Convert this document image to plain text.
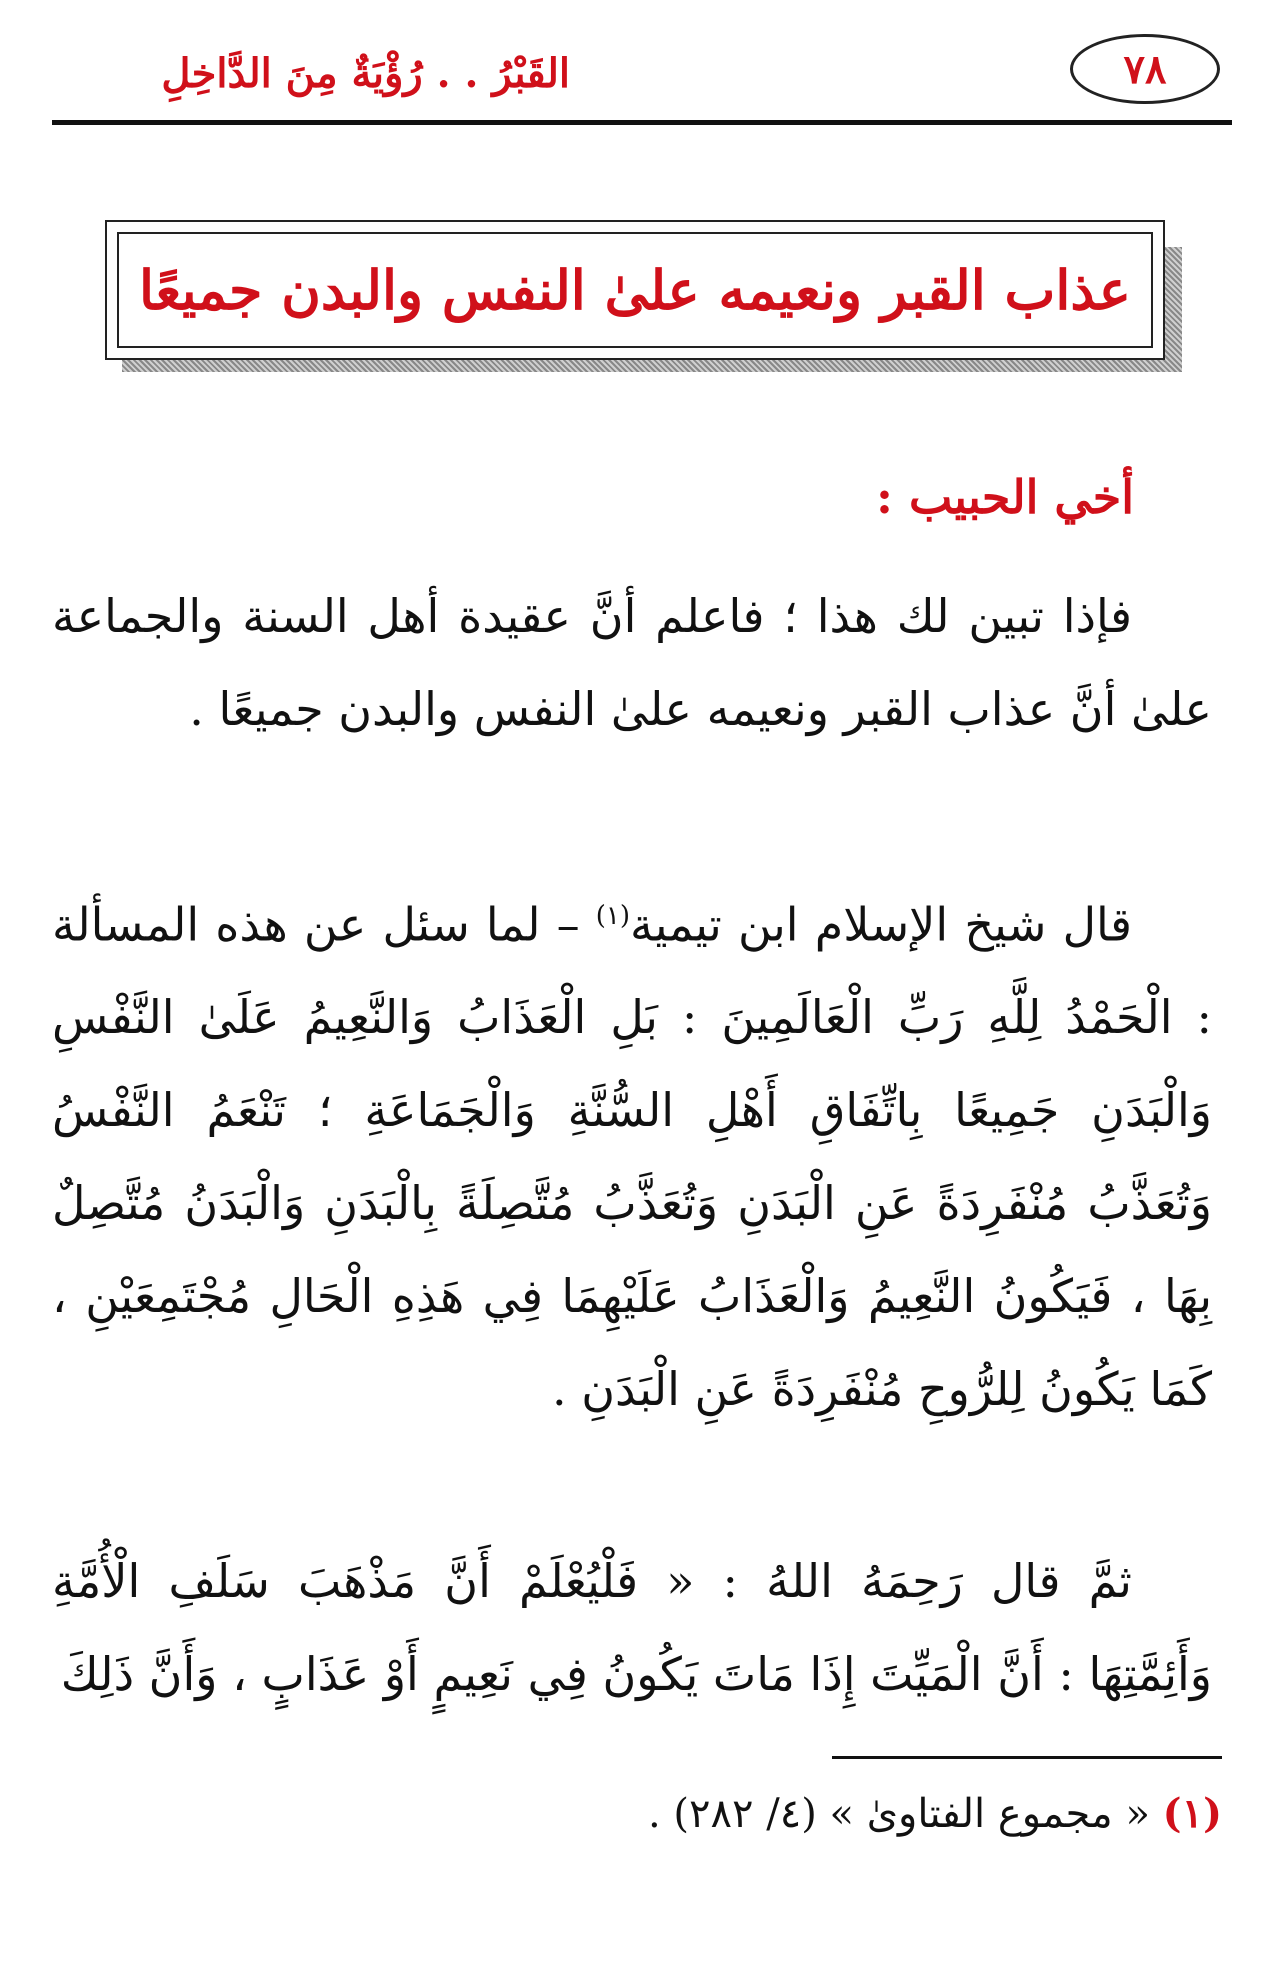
٧٨
القَبْرُ . . رُؤْيَةٌ مِنَ الدَّاخِلِ
عذاب القبر ونعيمه علىٰ النفس والبدن جميعًا
أخي الحبيب :
فإذا تبين لك هذا ؛ فاعلم أنَّ عقيدة أهل السنة والجماعة علىٰ أنَّ عذاب القبر ونعيمه علىٰ النفس والبدن جميعًا .
قال شيخ الإسلام ابن تيمية$^{(١)}$ – لما سئل عن هذه المسألة : الْحَمْدُ لِلَّهِ رَبِّ الْعَالَمِينَ : بَلِ الْعَذَابُ وَالنَّعِيمُ عَلَىٰ النَّفْسِ وَالْبَدَنِ جَمِيعًا بِاتِّفَاقِ أَهْلِ السُّنَّةِ وَالْجَمَاعَةِ ؛ تَنْعَمُ النَّفْسُ وَتُعَذَّبُ مُنْفَرِدَةً عَنِ الْبَدَنِ وَتُعَذَّبُ مُتَّصِلَةً بِالْبَدَنِ وَالْبَدَنُ مُتَّصِلٌ بِهَا ، فَيَكُونُ النَّعِيمُ وَالْعَذَابُ عَلَيْهِمَا فِي هَذِهِ الْحَالِ مُجْتَمِعَيْنِ ، كَمَا يَكُونُ لِلرُّوحِ مُنْفَرِدَةً عَنِ الْبَدَنِ .
ثمَّ قال رَحِمَهُ اللهُ : « فَلْيُعْلَمْ أَنَّ مَذْهَبَ سَلَفِ الْأُمَّةِ وَأَئِمَّتِهَا : أَنَّ الْمَيِّتَ إِذَا مَاتَ يَكُونُ فِي نَعِيمٍ أَوْ عَذَابٍ ، وَأَنَّ ذَلِكَ
(١) « مجموع الفتاوىٰ » (٤/ ٢٨٢) .
